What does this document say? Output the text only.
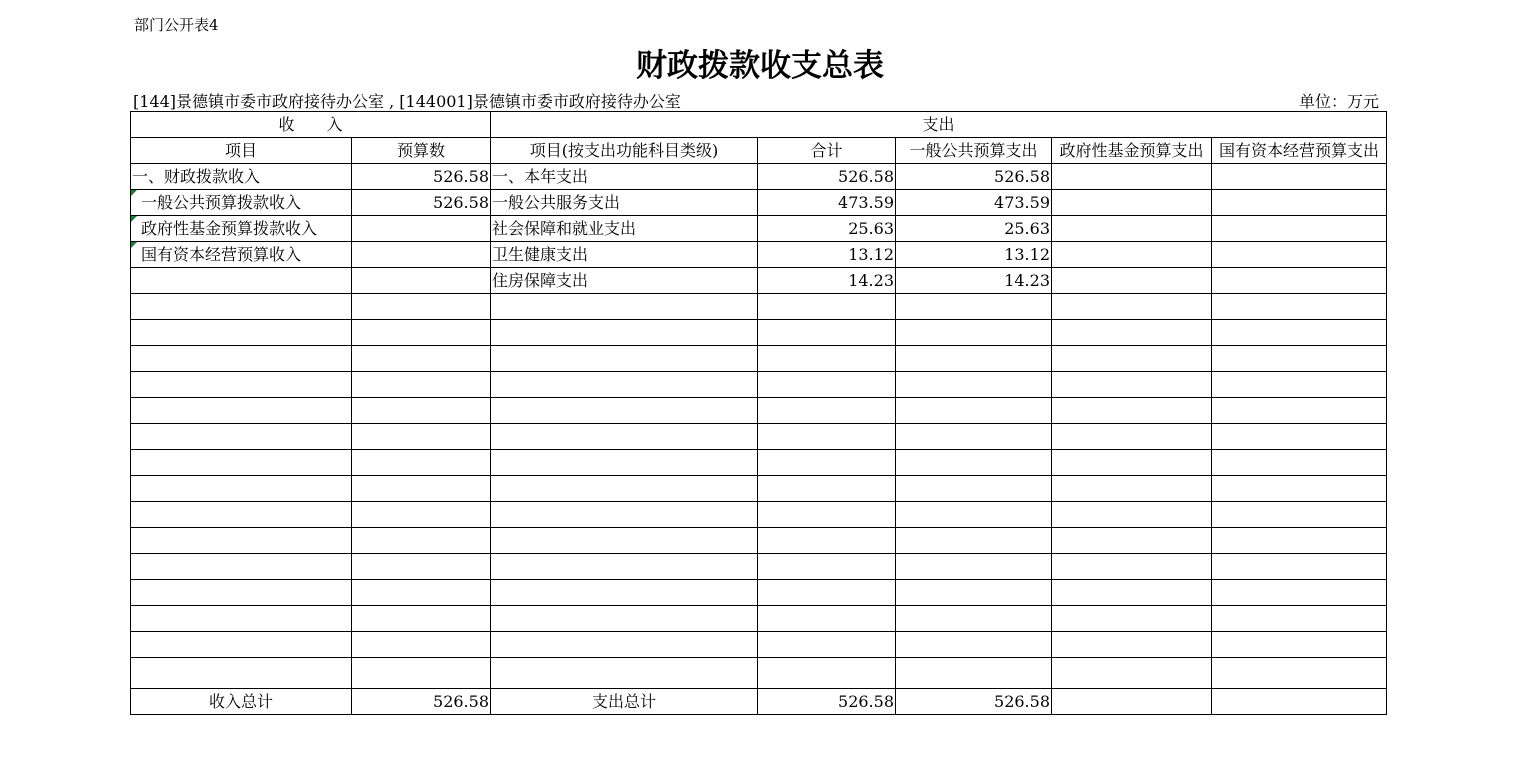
部门公开表4
财政拨款收支总表
[144]景德镇市委市政府接待办公室 , [144001]景德镇市委市政府接待办公室	单位：万元
收　　入		支出				
项目	预算数	项目(按支出功能科目类级)	合计	一般公共预算支出	政府性基金预算支出	国有资本经营预算支出
一、财政拨款收入	526.58	一、本年支出	526.58	526.58		
一般公共预算拨款收入	526.58	一般公共服务支出	473.59	473.59		
政府性基金预算拨款收入		社会保障和就业支出	25.63	25.63		
国有资本经营预算收入		卫生健康支出	13.12	13.12		
		住房保障支出	14.23	14.23		

收入总计	526.58	支出总计	526.58	526.58		
